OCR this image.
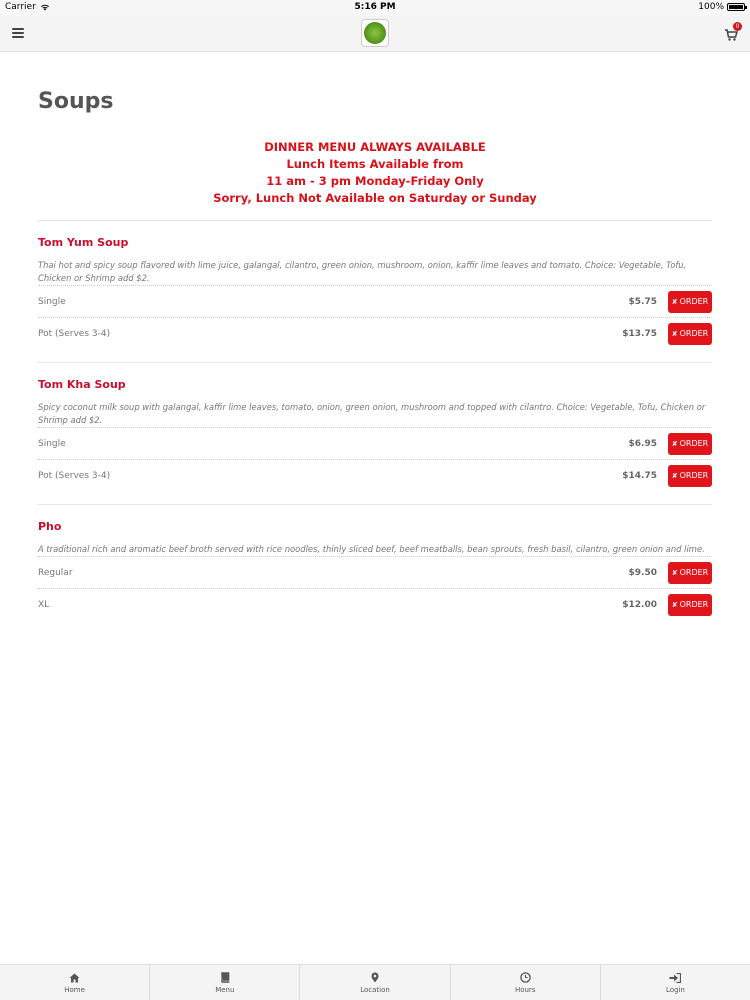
Carrier	5:16 PM	100%
0
Soups
DINNER MENU ALWAYS AVAILABLE
Lunch Items Available from
11 am - 3 pm Monday-Friday Only
Sorry, Lunch Not Available on Saturday or Sunday
Tom Yum Soup
Thai hot and spicy soup flavored with lime juice, galangal, cilantro, green onion, mushroom, onion, kaffir lime leaves and tomato. Choice: Vegetable, Tofu, Chicken or Shrimp add $2.
Single	$5.75 ✘ ORDER
Pot (Serves 3-4)	$13.75 ✘ ORDER
Tom Kha Soup
Spicy coconut milk soup with galangal, kaffir lime leaves, tomato, onion, green onion, mushroom and topped with cilantro. Choice: Vegetable, Tofu, Chicken or Shrimp add $2.
Single	$6.95 ✘ ORDER
Pot (Serves 3-4)	$14.75 ✘ ORDER
Pho
A traditional rich and aromatic beef broth served with rice noodles, thinly sliced beef, beef meatballs, bean sprouts, fresh basil, cilantro, green onion and lime.
Regular	$9.50 ✘ ORDER
XL	$12.00 ✘ ORDER
Home	Menu	Location	Hours	Login
